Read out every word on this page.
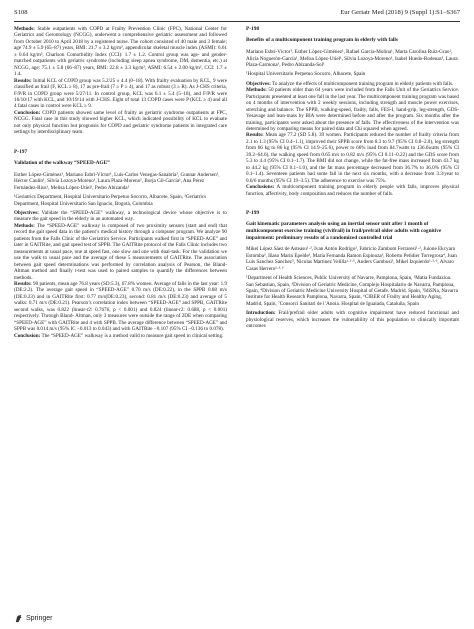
S108	Eur Geriatr Med (2018) 9 (Suppl 1):S1–S367

Methods: Stable outpatients with COPD at Frailty Prevention Clinic (FPC), National Center for Geriatrics and Gerontology (NCGG), underwent a comprehensive geriatric assessment and followed from October 2010 to April 2018 by a registered nurse. The cohort consisted of 40 male and 3 female; age 74.9 ± 5.9 (65–87) years, BMI: 21.7 ± 3.2 kg/m², appendicular skeletal muscle index (ASMI): 6.61 ± 0.64 kg/m², Charlson Comorbidity Index (CCI): 1.7 ± 1.2. Control group was age- and gender-matched outpatients with geriatric syndrome (including sleep apnea syndrome, DM, dementia, etc.) at NCGG, age: 75.1 ± 5.8 (66–87) years, BMI: 22.8 ± 3.3 kg/m², ASMI: 6.54 ± 2.00 kg/m², CCI: 1.7 ± 1.4.

Results: Initial KCL of COPD group was 5.2/25 ± 4.4 (0–18). With frailty evaluation by KCL, 9 were classified as frail (F, KCL ≥ 8), 17 as pre-frail (7 ≥ P ≥ 4), and 17 as robust (3 ≥ R). As J-CHS criteria, F/P/R in COPD group were 5/27/11. In control group, KCL was 6.1 ± 5.4 (5–18), and F/P/R were 16/10/17 with KCL, and 10/19/14 with J-CHS. Eight of total 13 COPD cases were P (KCL ≥ 4) and all 4 fatal cases in control were KCL ≥ 9.

Conclusion: COPD patients showed same level of frailty as geriatric syndrome outpatients at FPC, NCGG. Fatal case in this study showed higher KCL, which indicated possibility of KCL to evaluate not only physical function but prognosis for COPD and geriatric syndrome patients in integrated care settings by interdisciplinary team.

P-197

Validation of the walkway “SPEED-AGE”

Esther López-Giménez¹, Mariano Esbrí-Víctor¹, Luis-Carlos Venegas-Sanabria², Gunnar Andersen¹, Héctor Caulín¹, Silvia Lozoya-Moreno¹, Laura Plaza-Moreno¹, Borja Gil-García¹, Ana Pérez Fernández-Rius¹, Melisa López-Utiel¹, Pedro Abizanda¹

¹Geriatrics Department, Hospital Universitario Perpetuo Socorro, Albacete, Spain, ²Geriatrics Department, Hospital Universitario San Ignacio, Bogotá, Colombia

Objectives: Validate the “SPEED-AGE” walkway, a technological device whose objective is to measure the gait speed in the elderly in an automated way.

Methods: The “SPEED-AGE” walkway is composed of two proximity sensors (start and end) that record the gait speed data in the patient’s medical history through a computer program. We analyze 90 patients from the Falls Clinic of the Geriatrics Service. Participants walked first in “SPEED-AGE” and later in GAITRite, and gait speed test of SPPB. The GAITRite protocol of the Falls Clinic includes two measurements at usual pace, one at speed fast, one slow and one with dual-task. For the validation we use the walk to usual pace and the average of these 5 measurements of GAITRite. The association between gait speed determinations was performed by correlation analysis of Pearson, the Bland-Altman method and finally t-test was used to paired samples to quantify the differences between methods.

Results: 90 patients, mean age 76.8 years (SD:5.3), 67.8% women. Average of falls in the last year: 1.9 (DE:2.2). The average gait speed in “SPEED-AGE” 0.70 m/s (DE:0.22), in the SPPB 0.68 m/s (DE:0.23) and in GAITRite first: 0.77 m/s(DE:0.23), second: 0.81 m/s (DE:0.23) and average of 5 walks: 0.71 m/s (DE:0.21). Pearson’s correlation index between “SPEED-AGE” and SPPB, GAITRite second walks, was 0.822 (linear-r2: 0.7676, p < 0.001) and 0.824 (linear-r2: 0.688, p < 0.001) respectively. Through Bland- Altman, only 3 measures were outside the range of 2DE when comparing “SPEED-AGE” with GAITRite and 4 with SPPB. The average difference between “SPEED-AGE” and SPPB was 0.014 m/s (95% IC −0.013 to 0.043) and with GAITRite −0.107 (95% CI −0.136 to 0.078).

Conclusion: The “SPEED-AGE” walkway is a method valid to measure gait speed in clinical setting.

P-198

Benefits of a multicomponent training program in elderly with falls

Mariano Esbrí-Víctor¹, Esther López-Giménez¹, Rafael García-Molina¹, Marta Carolina Ruiz-Grao¹, Alicia Noguerón-García¹, Melisa López-Utiel¹, Silvia Lozoya-Moreno¹, Isabel Huedo-Rodenas¹, Laura Plaza-Carmona¹, Pedro Abizanda-Sol¹

¹Hospital Universitario Perpetuo Socorro, Albacete, Spain

Objectives: To analyze the effects of multicomponent training program in elderly patients with falls.

Methods: 50 patients older than 64 years were included from the Falls Unit of the Geriatrics Service. Participants presented at least one fall in the last year. The multicomponent training program was based on 4 months of intervention with 2 weekly sessions, including strength and muscle power exercises, stretching and balance. The SPPB, walking-speed, frailty, falls, FES-I, hand-grip, leg-strength, GDS-Yesavage and lean-mass by BIA were determined before and after the program. Six months after the training, participants were asked about the presence of falls. The effectiveness of the intervention was determined by comparing means for paired data and Chi squared when agreed.

Results: Mean age 77.2 (SD 5.8). 39 women. Participants reduced the number of frailty criteria from 2.1 to 1.3 (95% CI 0.4–1.1), improved their SPPB score from 8.3 to 9.7 (95% CI 0.8–2.0), leg strength from 66 kg to 86 kg (95% CI 14.9–25.6), power to 66% load from 84.7watts to 136.6watts (95% CI 39.2–64.6), the walking speed from 0.65 m/s to 0.82 m/s (95% CI 0.11–0.22) and the GDS score from 5.3 to 4.4 (95% CI 0.1–1.7). The BMI did not change, while the fat-free mass increased from 43.7 kg to 44.2 kg (95% CI 0.1–1.0), and the fat mass percentage decreased from 36.7% to 36.0% (95% CI 0.1–1.4). Seventeen patients had some fall in the next six months, with a decrease from 3.3/year to 0.6/6 months (95% CI 19–3.5). The adherence to exercise was 75%.

Conclusions: A multicomponent training program in elderly people with falls, improves physical function, affectivity, body composition and reduces the number of falls.

P-199

Gait kinematic parameters analysis using an inertial sensor unit after 1 month of multicomponent exercise training (vivifrail) in frail/prefrail older adults with cognitive impairment: preliminary results of a randomized controlled trial

Mikel López Sáez de Asteasu¹·², Ivan Antón Rodrigo², Fabricio Zambom Ferraresi¹·², Juione Ekcyara Estomba², Iñaso Marin Epelde³, María Fernanda Ramon Espinoza³, Roberto Petidier Torregrosa⁴, Juan Luis Sanchez Sanchez⁵, Nicolas Martinez Velilla¹·³·⁶, Anders Gambosi³, Mikel Izquierdo¹·²·⁶, Alvaro Casas Herrero¹·³·⁶

¹Department of Health Sciences, Public University of Navarre, Pamplona, Spain, ²Matia Fundazioa. San Sebastian, Spain, ³Division of Geriatric Medicine, Complejo Hospitalario de Navarra, Pamplona, Spain, ⁴Division of Geriatric Medicine University Hospital of Getafe. Madrid, Spain, ⁵IdiSNa, Navarra Institute for Health Research Pamplona, Navarra, Spain, ⁶CIBER of Frailty and Healthy Aging, Madrid, Spain, ⁷Consorci Sanitari de l’Anoia. Hospital de Igualada, Cataluña, Spain

Introduction: Frail/prefrail older adults with cognitive impairment have reduced functional and physiological reserves, which increases the vulnerability of this population to clinically important outcomes

Springer
